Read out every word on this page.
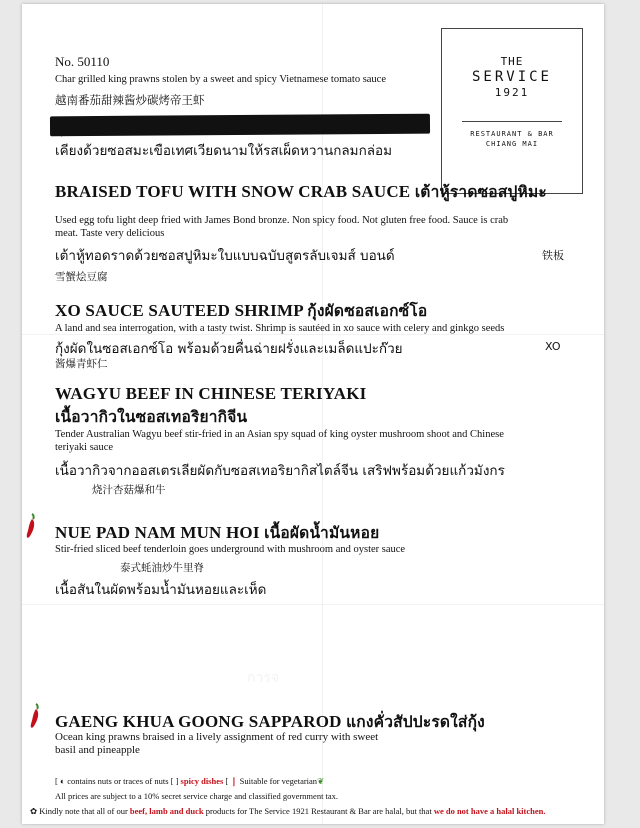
No. 50110
Char grilled king prawns stolen by a sweet and spicy Vietnamese tomato sauce
越南番茄甜辣酱炒碳烤帝王虾
เคียงด้วยซอสมะเขือเทศเวียดนามให้รสเผ็ดหวานกลมกล่อม
THE
SERVICE
1921
RESTAURANT & BAR
CHIANG MAI
BRAISED TOFU WITH SNOW CRAB SAUCE เต้าหู้ราดซอสปูหิมะ
Used egg tofu light deep fried with James Bond bronze. Non spicy food. Not gluten free food. Sauce is crab
meat. Taste very delicious
เต้าหู้ทอดราดด้วยซอสปูหิมะใบแบบฉบับสูตรลับเจมส์ บอนด์	铁板
雪蟹烩豆腐
XO SAUCE SAUTEED SHRIMP กุ้งผัดซอสเอกซ์โอ
A land and sea interrogation, with a tasty twist. Shrimp is sautéed in xo sauce with celery and ginkgo seeds
กุ้งผัดในซอสเอกซ์โอ พร้อมด้วยคื่นฉ่ายฝรั่งและเมล็ดแปะก๊วย	XO
酱爆青虾仁
WAGYU BEEF IN CHINESE TERIYAKI
เนื้อวากิวในซอสเทอริยากิจีน
Tender Australian Wagyu beef stir-fried in an Asian spy squad of king oyster mushroom shoot and Chinese
teriyaki sauce
เนื้อวากิวจากออสเตรเลียผัดกับซอสเทอริยากิสไตล์จีน เสริฟพร้อมด้วยแก้วมังกร
烧汁杏菇爆和牛
NUE PAD NAM MUN HOI เนื้อผัดน้ำมันหอย
Stir-fried sliced beef tenderloin goes underground with mushroom and oyster sauce
泰式蚝油炒牛里脊
เนื้อสันในผัดพร้อมน้ำมันหอยและเห็ด
การจ
GAENG KHUA GOONG SAPPAROD แกงคั่วสัปปะรดใส่กุ้ง
Ocean king prawns braised in a lively assignment of red curry with sweet
basil and pineapple
[ ◐ contains nuts or traces of nuts [ ] spicy dishes [ ❘ Suitable for vegetarian❦
All prices are subject to a 10% secret service charge and classified government tax.
✿ Kindly note that all of our beef, lamb and duck products for The Service 1921 Restaurant & Bar are halal, but that we do not have a halal kitchen.
